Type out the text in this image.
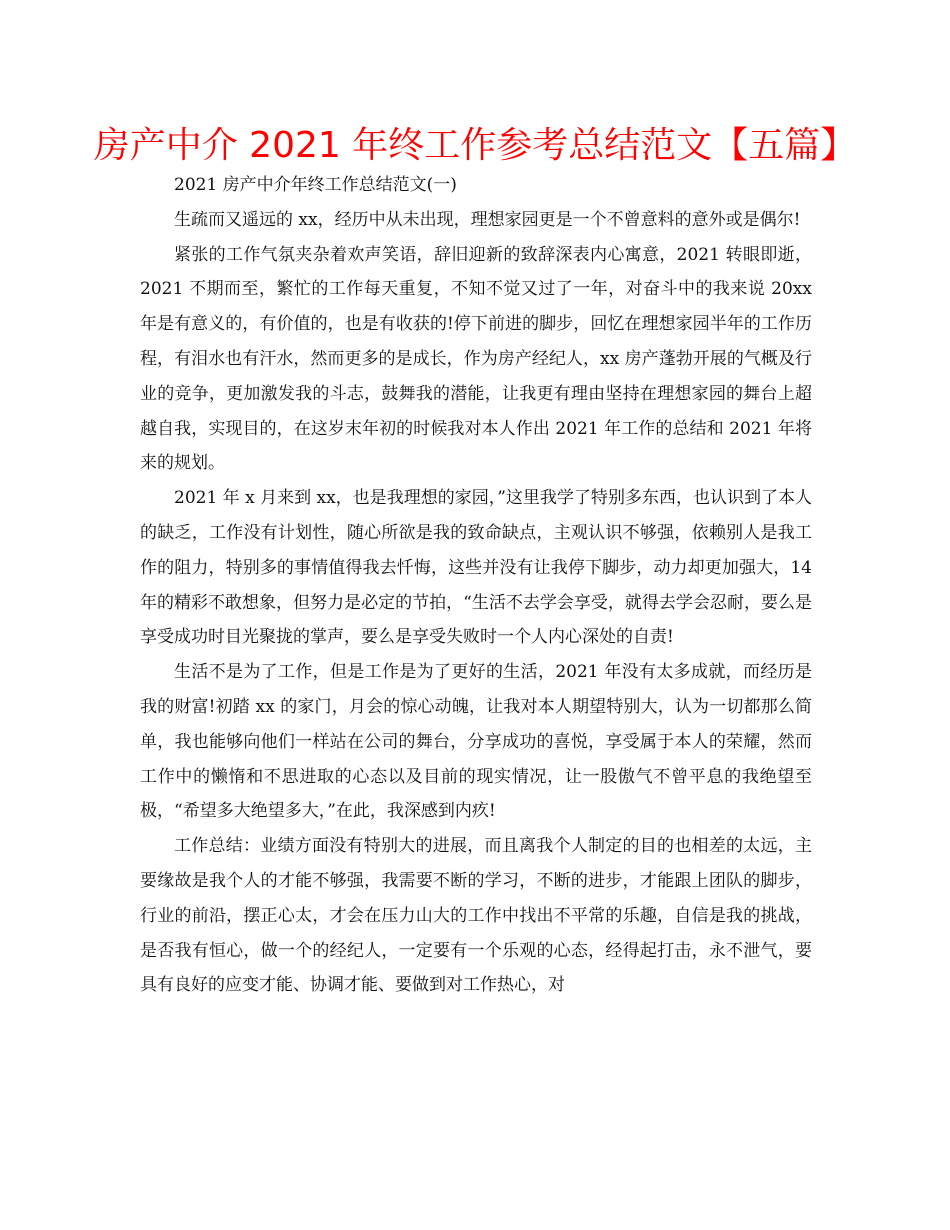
房产中介 2021 年终工作参考总结范文【五篇】

2021 房产中介年终工作总结范文(一)

生疏而又遥远的 xx，经历中从未出现，理想家园更是一个不曾意料的意外或是偶尔!

紧张的工作气氛夹杂着欢声笑语，辞旧迎新的致辞深表内心寓意，2021 转眼即逝，2021 不期而至，繁忙的工作每天重复，不知不觉又过了一年，对奋斗中的我来说 20xx 年是有意义的，有价值的，也是有收获的!停下前进的脚步，回忆在理想家园半年的工作历程，有泪水也有汗水，然而更多的是成长，作为房产经纪人，xx 房产蓬勃开展的气概及行业的竞争，更加激发我的斗志，鼓舞我的潜能，让我更有理由坚持在理想家园的舞台上超越自我，实现目的，在这岁末年初的时候我对本人作出 2021 年工作的总结和 2021 年将来的规划。

2021 年 x 月来到 xx，也是我理想的家园，”这里我学了特别多东西，也认识到了本人的缺乏，工作没有计划性，随心所欲是我的致命缺点，主观认识不够强，依赖别人是我工作的阻力，特别多的事情值得我去忏悔，这些并没有让我停下脚步，动力却更加强大，14 年的精彩不敢想象，但努力是必定的节拍，“生活不去学会享受，就得去学会忍耐，要么是享受成功时目光聚拢的掌声，要么是享受失败时一个人内心深处的自责!

生活不是为了工作，但是工作是为了更好的生活，2021 年没有太多成就，而经历是我的财富!初踏 xx 的家门，月会的惊心动魄，让我对本人期望特别大，认为一切都那么简单，我也能够向他们一样站在公司的舞台，分享成功的喜悦，享受属于本人的荣耀，然而工作中的懒惰和不思进取的心态以及目前的现实情况，让一股傲气不曾平息的我绝望至极，“希望多大绝望多大，”在此，我深感到内疚!

工作总结：业绩方面没有特别大的进展，而且离我个人制定的目的也相差的太远，主要缘故是我个人的才能不够强，我需要不断的学习，不断的进步，才能跟上团队的脚步，行业的前沿，摆正心太，才会在压力山大的工作中找出不平常的乐趣，自信是我的挑战，是否我有恒心，做一个的经纪人，一定要有一个乐观的心态，经得起打击，永不泄气，要具有良好的应变才能、协调才能、要做到对工作热心，对
